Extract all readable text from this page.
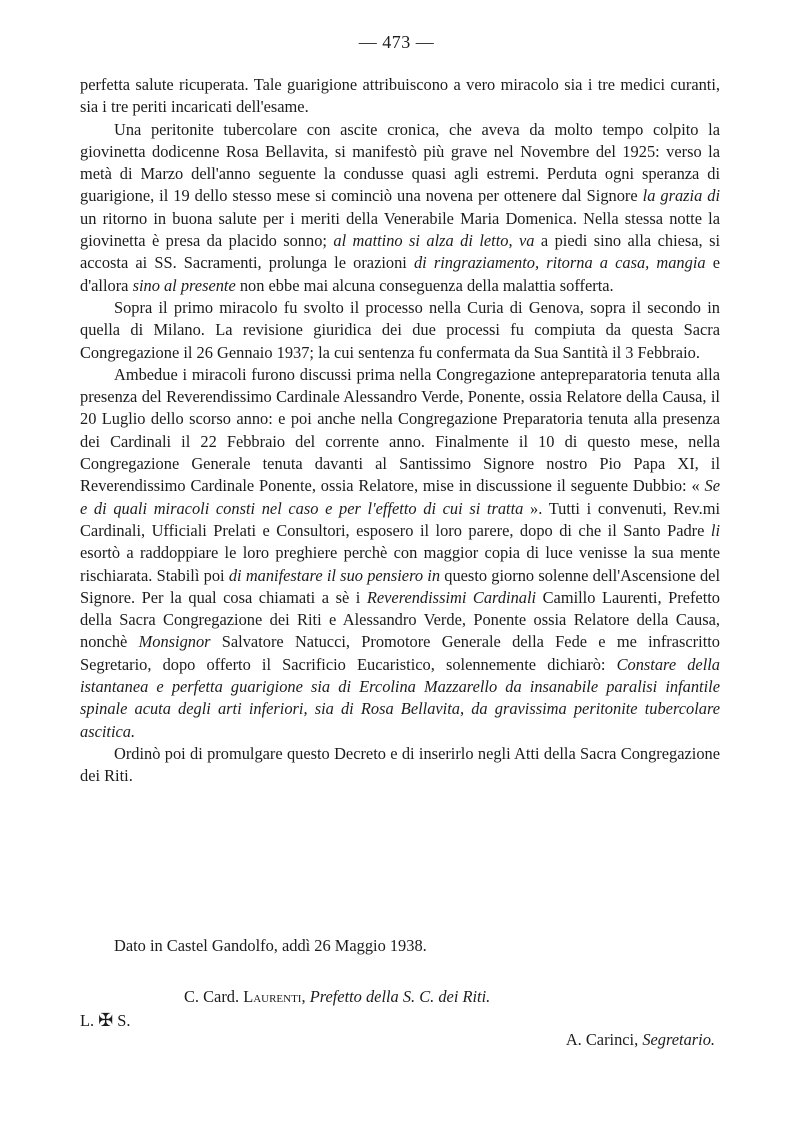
— 473 —

perfetta salute ricuperata. Tale guarigione attribuiscono a vero miracolo sia i tre medici curanti, sia i tre periti incaricati dell'esame.

Una peritonite tubercolare con ascite cronica, che aveva da molto tempo colpito la giovinetta dodicenne Rosa Bellavita, si manifestò più grave nel Novembre del 1925: verso la metà di Marzo dell'anno seguente la condusse quasi agli estremi. Perduta ogni speranza di guarigione, il 19 dello stesso mese si cominciò una novena per ottenere dal Signore la grazia di un ritorno in buona salute per i meriti della Venerabile Maria Domenica. Nella stessa notte la giovinetta è presa da placido sonno; al mattino si alza di letto, va a piedi sino alla chiesa, si accosta ai SS. Sacramenti, prolunga le orazioni di ringraziamento, ritorna a casa, mangia e d'allora sino al presente non ebbe mai alcuna conseguenza della malattia sofferta.

Sopra il primo miracolo fu svolto il processo nella Curia di Genova, sopra il secondo in quella di Milano. La revisione giuridica dei due processi fu compiuta da questa Sacra Congregazione il 26 Gennaio 1937; la cui sentenza fu confermata da Sua Santità il 3 Febbraio.

Ambedue i miracoli furono discussi prima nella Congregazione antepreparatoria tenuta alla presenza del Reverendissimo Cardinale Alessandro Verde, Ponente, ossia Relatore della Causa, il 20 Luglio dello scorso anno: e poi anche nella Congregazione Preparatoria tenuta alla presenza dei Cardinali il 22 Febbraio del corrente anno. Finalmente il 10 di questo mese, nella Congregazione Generale tenuta davanti al Santissimo Signore nostro Pio Papa XI, il Reverendissimo Cardinale Ponente, ossia Relatore, mise in discussione il seguente Dubbio: « Se e di quali miracoli consti nel caso e per l'effetto di cui si tratta ». Tutti i convenuti, Rev.mi Cardinali, Ufficiali Prelati e Consultori, esposero il loro parere, dopo di che il Santo Padre li esortò a raddoppiare le loro preghiere perchè con maggior copia di luce venisse la sua mente rischiarata. Stabilì poi di manifestare il suo pensiero in questo giorno solenne dell'Ascensione del Signore. Per la qual cosa chiamati a sè i Reverendissimi Cardinali Camillo Laurenti, Prefetto della Sacra Congregazione dei Riti e Alessandro Verde, Ponente ossia Relatore della Causa, nonchè Monsignor Salvatore Natucci, Promotore Generale della Fede e me infrascritto Segretario, dopo offerto il Sacrificio Eucaristico, solennemente dichiarò: Constare della istantanea e perfetta guarigione sia di Ercolina Mazzarello da insanabile paralisi infantile spinale acuta degli arti inferiori, sia di Rosa Bellavita, da gravissima peritonite tubercolare ascitica.

Ordinò poi di promulgare questo Decreto e di inserirlo negli Atti della Sacra Congregazione dei Riti.

Dato in Castel Gandolfo, addì 26 Maggio 1938.
C. Card. Laurenti, Prefetto della S. C. dei Riti.
L. ✠ S.
A. Carinci, Segretario.
